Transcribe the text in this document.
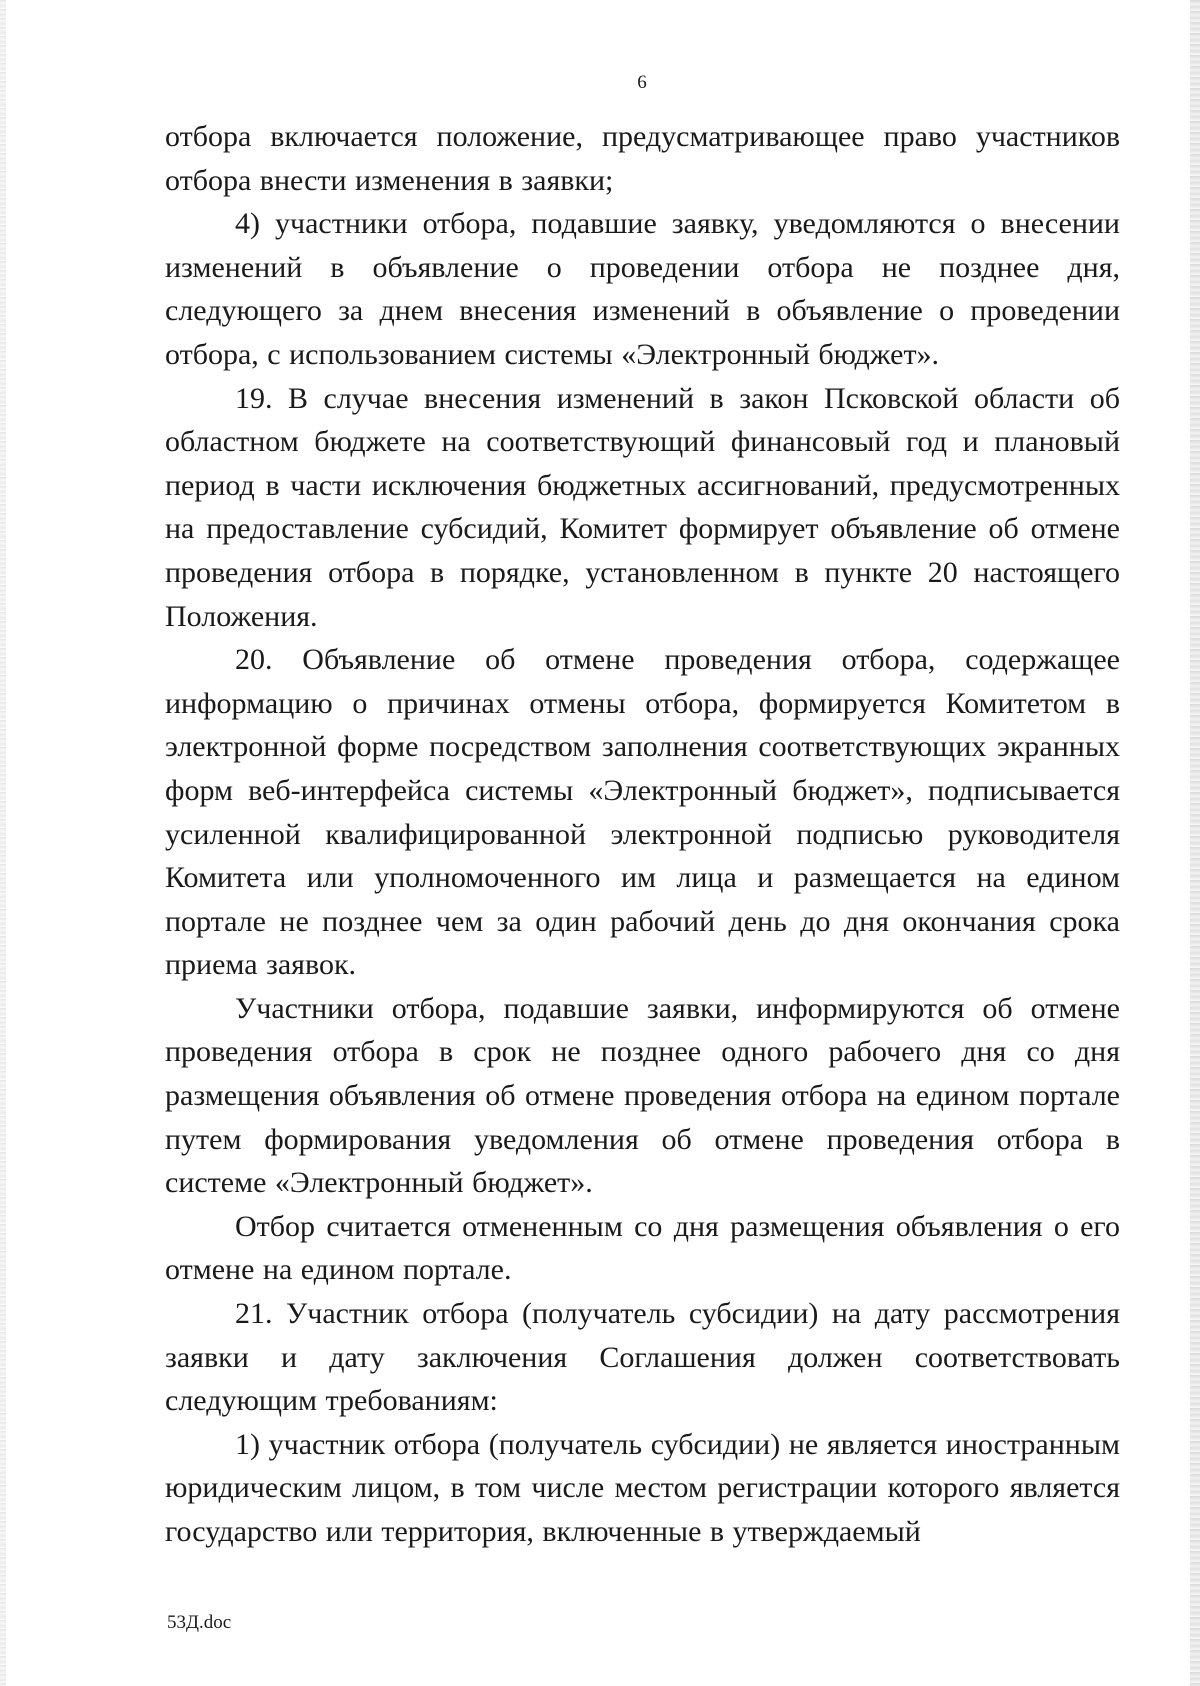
6

отбора включается положение, предусматривающее право участников отбора внести изменения в заявки;

4) участники отбора, подавшие заявку, уведомляются о внесении изменений в объявление о проведении отбора не позднее дня, следующего за днем внесения изменений в объявление о проведении отбора, с использованием системы «Электронный бюджет».

19. В случае внесения изменений в закон Псковской области об областном бюджете на соответствующий финансовый год и плановый период в части исключения бюджетных ассигнований, предусмотренных на предоставление субсидий, Комитет формирует объявление об отмене проведения отбора в порядке, установленном в пункте 20 настоящего Положения.

20. Объявление об отмене проведения отбора, содержащее информацию о причинах отмены отбора, формируется Комитетом в электронной форме посредством заполнения соответствующих экранных форм веб-интерфейса системы «Электронный бюджет», подписывается усиленной квалифицированной электронной подписью руководителя Комитета или уполномоченного им лица и размещается на едином портале не позднее чем за один рабочий день до дня окончания срока приема заявок.

Участники отбора, подавшие заявки, информируются об отмене проведения отбора в срок не позднее одного рабочего дня со дня размещения объявления об отмене проведения отбора на едином портале путем формирования уведомления об отмене проведения отбора в системе «Электронный бюджет».

Отбор считается отмененным со дня размещения объявления о его отмене на едином портале.

21. Участник отбора (получатель субсидии) на дату рассмотрения заявки и дату заключения Соглашения должен соответствовать следующим требованиям:

1) участник отбора (получатель субсидии) не является иностранным юридическим лицом, в том числе местом регистрации которого является государство или территория, включенные в утверждаемый

53Д.doc
